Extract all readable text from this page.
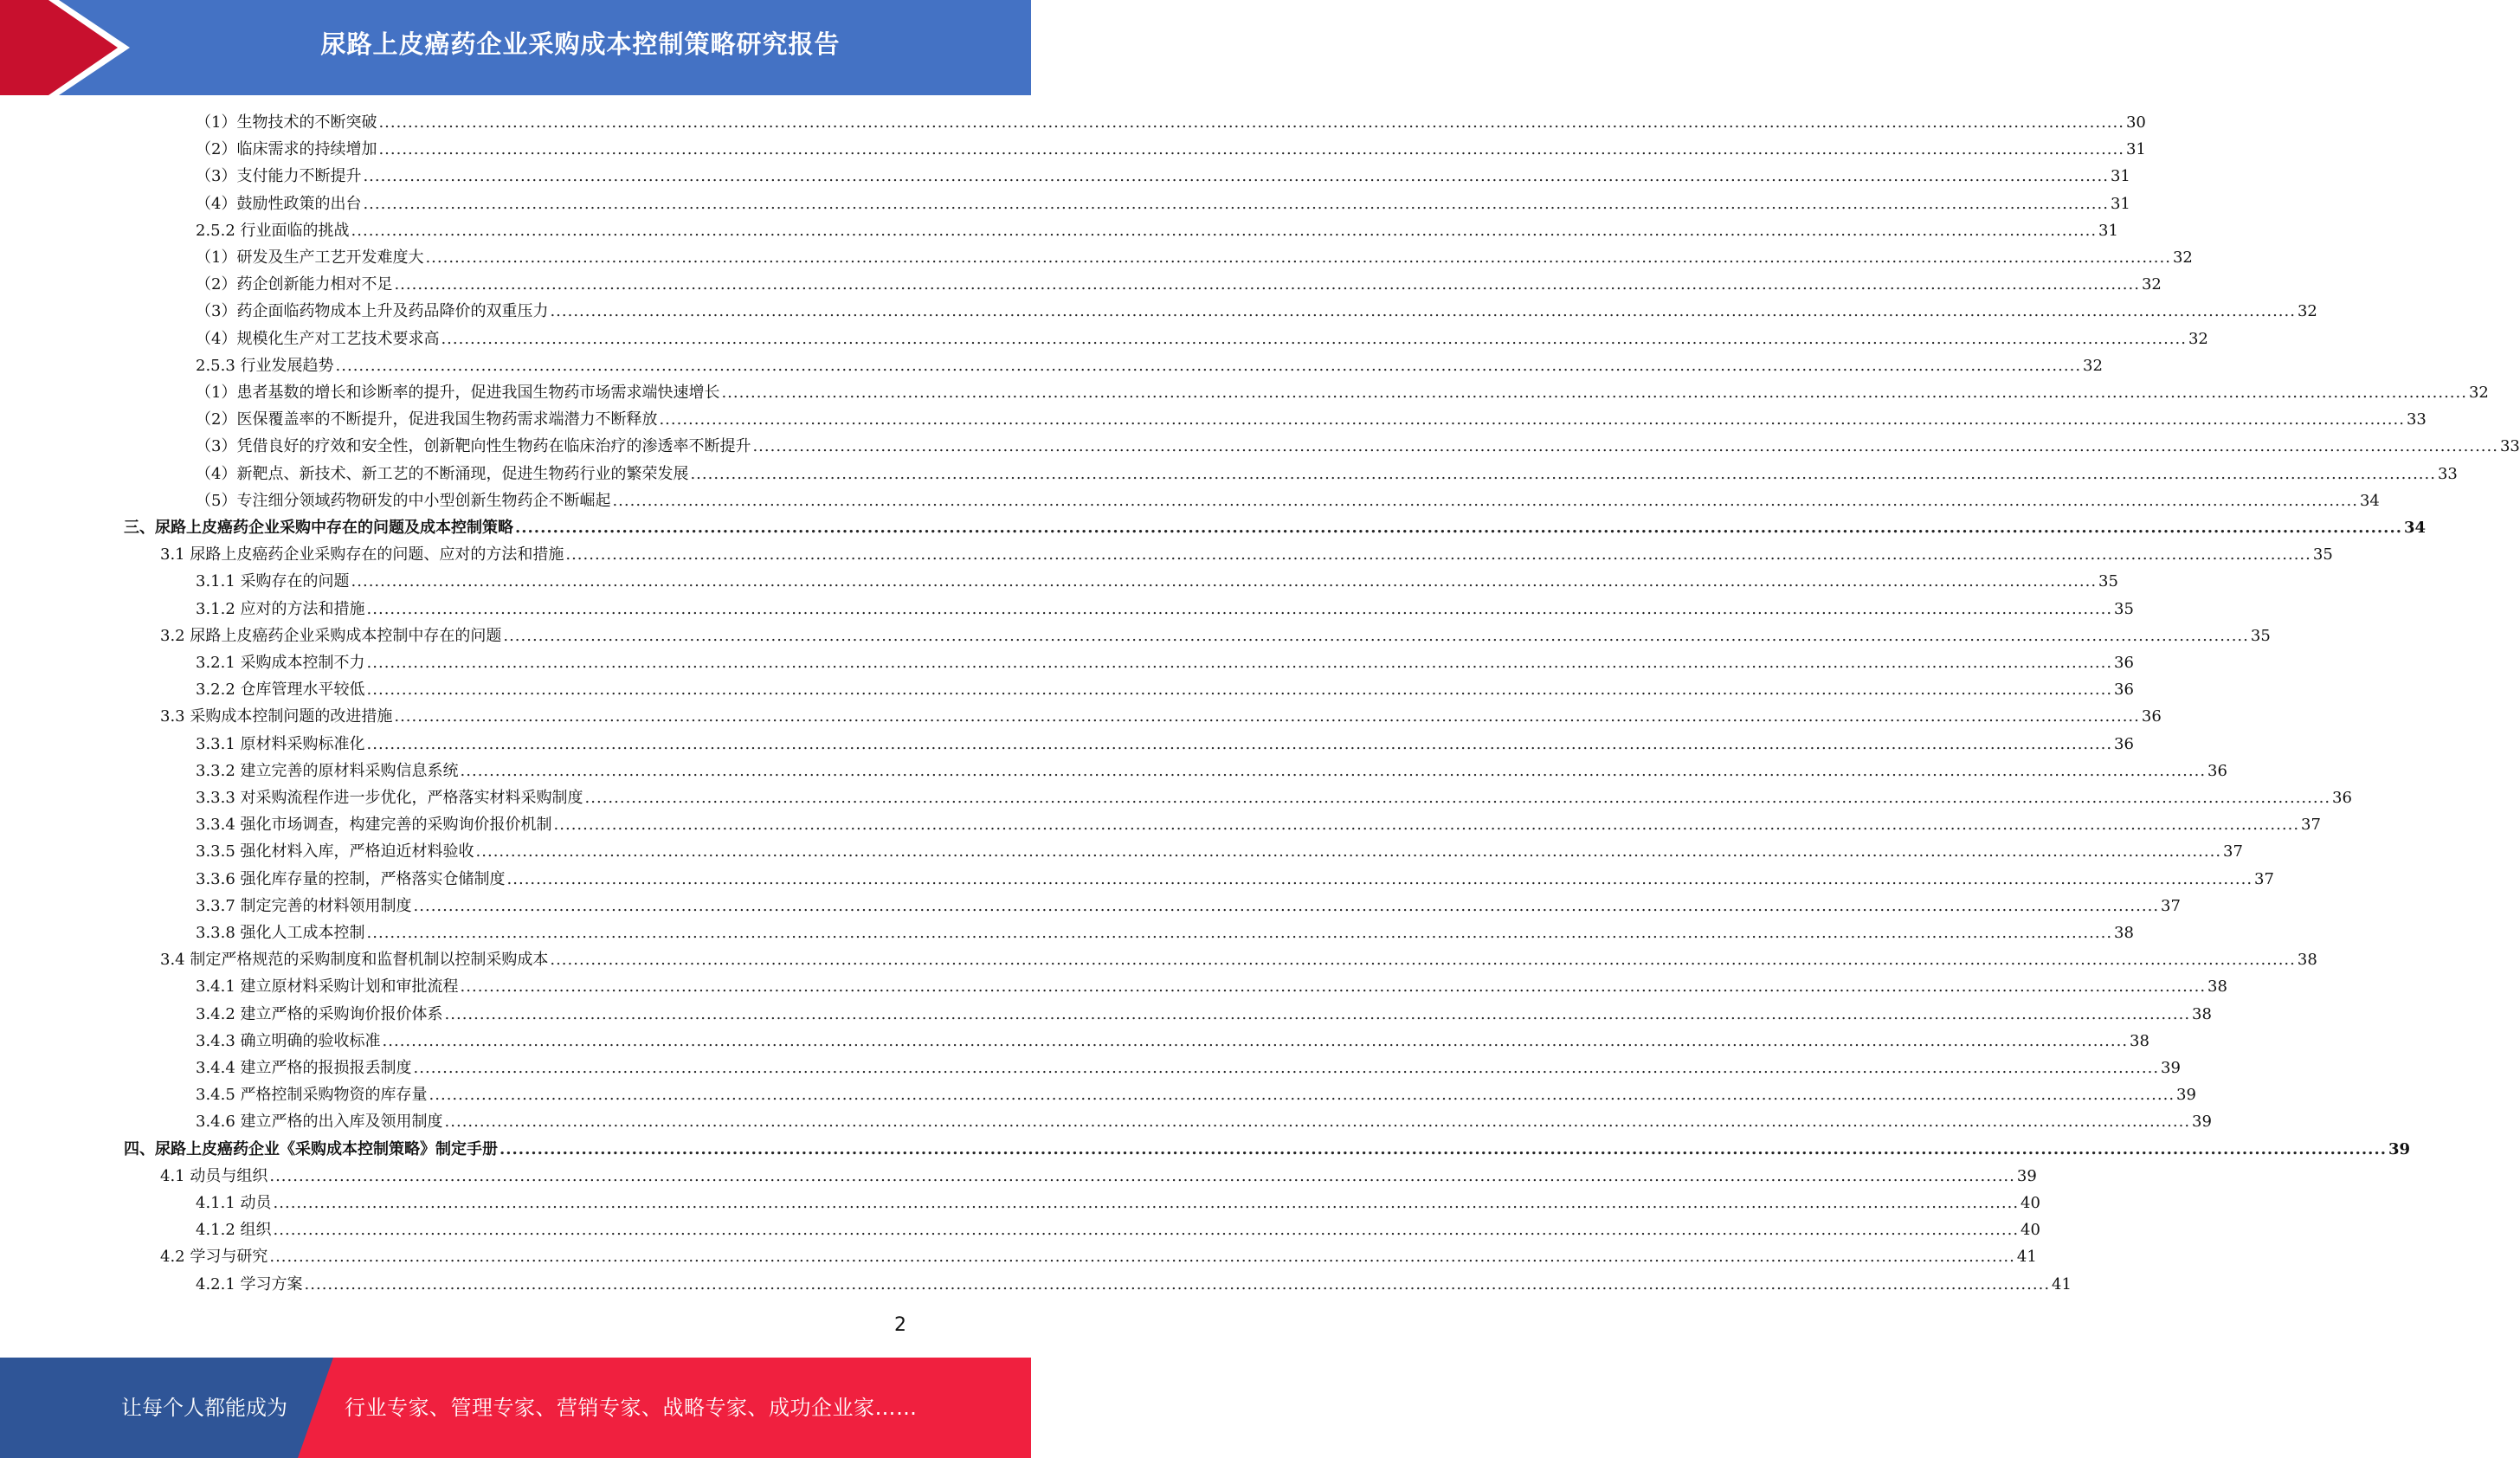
尿路上皮癌药企业采购成本控制策略研究报告
（1）生物技术的不断突破 ............................................................................................................................................................................................................................................................................................................ 30
（2）临床需求的持续增加 ............................................................................................................................................................................................................................................................................................................ 31
（3）支付能力不断提升 ............................................................................................................................................................................................................................................................................................................ 31
（4）鼓励性政策的出台 ............................................................................................................................................................................................................................................................................................................ 31
2.5.2 行业面临的挑战 ............................................................................................................................................................................................................................................................................................................ 31
（1）研发及生产工艺开发难度大 ............................................................................................................................................................................................................................................................................................................ 32
（2）药企创新能力相对不足 ............................................................................................................................................................................................................................................................................................................ 32
（3）药企面临药物成本上升及药品降价的双重压力 ............................................................................................................................................................................................................................................................................................................ 32
（4）规模化生产对工艺技术要求高 ............................................................................................................................................................................................................................................................................................................ 32
2.5.3 行业发展趋势 ............................................................................................................................................................................................................................................................................................................ 32
（1）患者基数的增长和诊断率的提升，促进我国生物药市场需求端快速增长 ............................................................................................................................................................................................................................................................................................................ 32
（2）医保覆盖率的不断提升，促进我国生物药需求端潜力不断释放 ............................................................................................................................................................................................................................................................................................................ 33
（3）凭借良好的疗效和安全性，创新靶向性生物药在临床治疗的渗透率不断提升 ............................................................................................................................................................................................................................................................................................................ 33
（4）新靶点、新技术、新工艺的不断涌现，促进生物药行业的繁荣发展 ............................................................................................................................................................................................................................................................................................................ 33
（5）专注细分领域药物研发的中小型创新生物药企不断崛起 ............................................................................................................................................................................................................................................................................................................ 34
三、尿路上皮癌药企业采购中存在的问题及成本控制策略 ............................................................................................................................................................................................................................................................................................................ 34
3.1 尿路上皮癌药企业采购存在的问题、应对的方法和措施 ............................................................................................................................................................................................................................................................................................................ 35
3.1.1 采购存在的问题 ............................................................................................................................................................................................................................................................................................................ 35
3.1.2 应对的方法和措施 ............................................................................................................................................................................................................................................................................................................ 35
3.2 尿路上皮癌药企业采购成本控制中存在的问题 ............................................................................................................................................................................................................................................................................................................ 35
3.2.1 采购成本控制不力 ............................................................................................................................................................................................................................................................................................................ 36
3.2.2 仓库管理水平较低 ............................................................................................................................................................................................................................................................................................................ 36
3.3 采购成本控制问题的改进措施 ............................................................................................................................................................................................................................................................................................................ 36
3.3.1 原材料采购标准化 ............................................................................................................................................................................................................................................................................................................ 36
3.3.2 建立完善的原材料采购信息系统 ............................................................................................................................................................................................................................................................................................................ 36
3.3.3 对采购流程作进一步优化，严格落实材料采购制度 ............................................................................................................................................................................................................................................................................................................ 36
3.3.4 强化市场调查，构建完善的采购询价报价机制 ............................................................................................................................................................................................................................................................................................................ 37
3.3.5 强化材料入库，严格迫近材料验收 ............................................................................................................................................................................................................................................................................................................ 37
3.3.6 强化库存量的控制，严格落实仓储制度 ............................................................................................................................................................................................................................................................................................................ 37
3.3.7 制定完善的材料领用制度 ............................................................................................................................................................................................................................................................................................................ 37
3.3.8 强化人工成本控制 ............................................................................................................................................................................................................................................................................................................ 38
3.4 制定严格规范的采购制度和监督机制以控制采购成本 ............................................................................................................................................................................................................................................................................................................ 38
3.4.1 建立原材料采购计划和审批流程 ............................................................................................................................................................................................................................................................................................................ 38
3.4.2 建立严格的采购询价报价体系 ............................................................................................................................................................................................................................................................................................................ 38
3.4.3 确立明确的验收标准 ............................................................................................................................................................................................................................................................................................................ 38
3.4.4 建立严格的报损报丢制度 ............................................................................................................................................................................................................................................................................................................ 39
3.4.5 严格控制采购物资的库存量 ............................................................................................................................................................................................................................................................................................................ 39
3.4.6 建立严格的出入库及领用制度 ............................................................................................................................................................................................................................................................................................................ 39
四、尿路上皮癌药企业《采购成本控制策略》制定手册 ............................................................................................................................................................................................................................................................................................................ 39
4.1 动员与组织 ............................................................................................................................................................................................................................................................................................................ 39
4.1.1 动员 ............................................................................................................................................................................................................................................................................................................ 40
4.1.2 组织 ............................................................................................................................................................................................................................................................................................................ 40
4.2 学习与研究 ............................................................................................................................................................................................................................................................................................................ 41
4.2.1 学习方案 ............................................................................................................................................................................................................................................................................................................ 41
2
让每个人都能成为	行业专家、管理专家、营销专家、战略专家、成功企业家……
